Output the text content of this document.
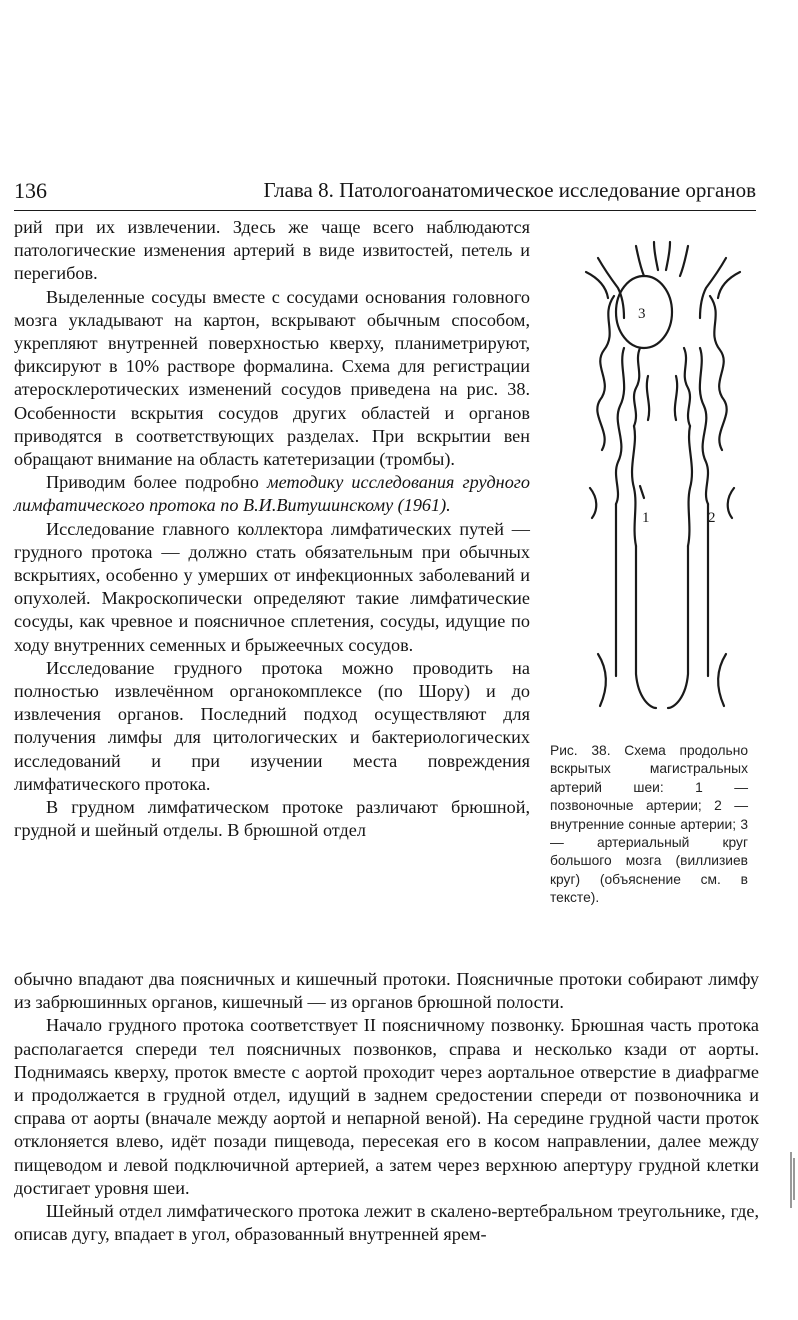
136	Глава 8. Патологоанатомическое исследование органов

рий при их извлечении. Здесь же чаще всего наблюдаются патологические изменения артерий в виде извитостей, петель и перегибов.

Выделенные сосуды вместе с сосудами основания головного мозга укладывают на картон, вскрывают обычным способом, укрепляют внутренней поверхностью кверху, планиметрируют, фиксируют в 10% растворе формалина. Схема для регистрации атеросклеротических изменений сосудов приведена на рис. 38. Особенности вскрытия сосудов других областей и органов приводятся в соответствующих разделах. При вскрытии вен обращают внимание на область катетеризации (тромбы).

Приводим более подробно методику исследования грудного лимфатического протока по В.И.Витушинскому (1961).

Исследование главного коллектора лимфатических путей — грудного протока — должно стать обязательным при обычных вскрытиях, особенно у умерших от инфекционных заболеваний и опухолей. Макроскопически определяют такие лимфатические сосуды, как чревное и поясничное сплетения, сосуды, идущие по ходу внутренних семенных и брыжеечных сосудов.

Исследование грудного протока можно проводить на полностью извлечённом органокомплексе (по Шору) и до извлечения органов. Последний подход осуществляют для получения лимфы для цитологических и бактериологических исследований и при изучении места повреждения лимфатического протока.

В грудном лимфатическом протоке различают брюшной, грудной и шейный отделы. В брюшной отдел

3
1	2
Рис. 38. Схема продольно вскрытых магистральных артерий шеи: 1 — позвоночные артерии; 2 — внутренние сонные артерии; 3 — артериальный круг большого мозга (виллизиев круг) (объяснение см. в тексте).

обычно впадают два поясничных и кишечный протоки. Поясничные протоки собирают лимфу из забрюшинных органов, кишечный — из органов брюшной полости.

Начало грудного протока соответствует II поясничному позвонку. Брюшная часть протока располагается спереди тел поясничных позвонков, справа и несколько кзади от аорты. Поднимаясь кверху, проток вместе с аортой проходит через аортальное отверстие в диафрагме и продолжается в грудной отдел, идущий в заднем средостении спереди от позвоночника и справа от аорты (вначале между аортой и непарной веной). На середине грудной части проток отклоняется влево, идёт позади пищевода, пересекая его в косом направлении, далее между пищеводом и левой подключичной артерией, а затем через верхнюю апертуру грудной клетки достигает уровня шеи.

Шейный отдел лимфатического протока лежит в скалено-вертебральном треугольнике, где, описав дугу, впадает в угол, образованный внутренней ярем-
